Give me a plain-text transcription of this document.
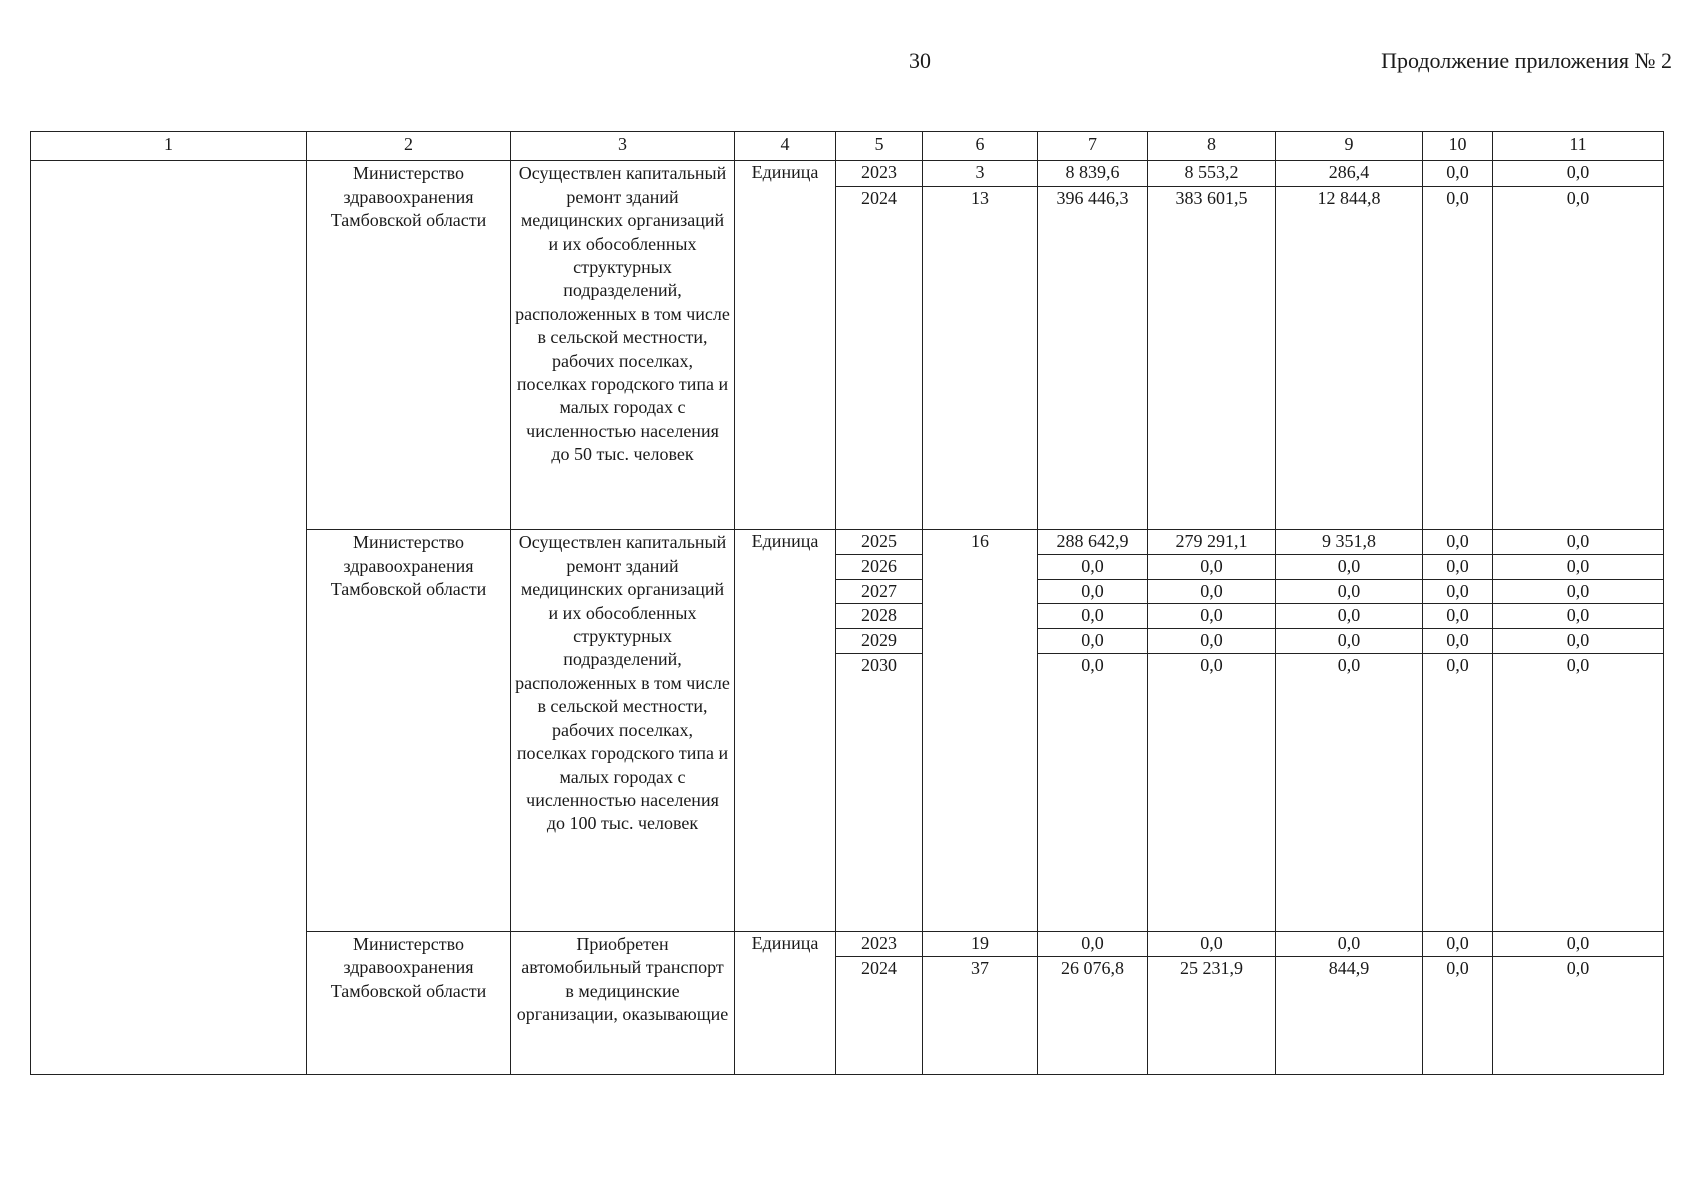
30	Продолжение приложения № 2
1	2	3	4	5	6	7	8	9	10	11

	Министерство здравоохранения Тамбовской области	Осуществлен капитальный ремонт зданий медицинских организаций и их обособленных структурных подразделений, расположенных в том числе в сельской местности, рабочих поселках, поселках городского типа и малых городах с численностью населения до 50 тыс. человек	Единица	2023	3	8 839,6	8 553,2	286,4	0,0	0,0
				2024	13	396 446,3	383 601,5	12 844,8	0,0	0,0

	Министерство здравоохранения Тамбовской области	Осуществлен капитальный ремонт зданий медицинских организаций и их обособленных структурных подразделений, расположенных в том числе в сельской местности, рабочих поселках, поселках городского типа и малых городах с численностью населения до 100 тыс. человек	Единица	2025	16	288 642,9	279 291,1	9 351,8	0,0	0,0
				2026		0,0	0,0	0,0	0,0	0,0
				2027		0,0	0,0	0,0	0,0	0,0
				2028		0,0	0,0	0,0	0,0	0,0
				2029		0,0	0,0	0,0	0,0	0,0
				2030		0,0	0,0	0,0	0,0	0,0

	Министерство здравоохранения Тамбовской области	Приобретен автомобильный транспорт в медицинские организации, оказывающие	Единица	2023	19	0,0	0,0	0,0	0,0	0,0
				2024	37	26 076,8	25 231,9	844,9	0,0	0,0
